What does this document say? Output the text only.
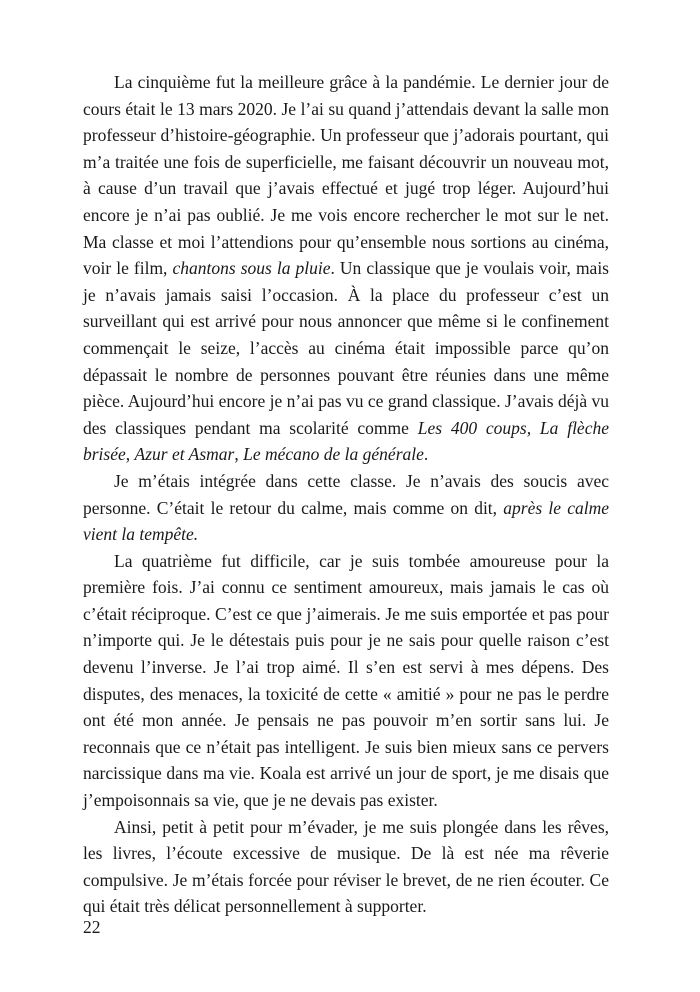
La cinquième fut la meilleure grâce à la pandémie. Le dernier jour de cours était le 13 mars 2020. Je l’ai su quand j’attendais devant la salle mon professeur d’histoire-géographie. Un professeur que j’adorais pourtant, qui m’a traitée une fois de superficielle, me faisant découvrir un nouveau mot, à cause d’un travail que j’avais effectué et jugé trop léger. Aujourd’hui encore je n’ai pas oublié. Je me vois encore rechercher le mot sur le net. Ma classe et moi l’attendions pour qu’ensemble nous sortions au cinéma, voir le film, chantons sous la pluie. Un classique que je voulais voir, mais je n’avais jamais saisi l’occasion. À la place du professeur c’est un surveillant qui est arrivé pour nous annoncer que même si le confinement commençait le seize, l’accès au cinéma était impossible parce qu’on dépassait le nombre de personnes pouvant être réunies dans une même pièce. Aujourd’hui encore je n’ai pas vu ce grand classique. J’avais déjà vu des classiques pendant ma scolarité comme Les 400 coups, La flèche brisée, Azur et Asmar, Le mécano de la générale.

Je m’étais intégrée dans cette classe. Je n’avais des soucis avec personne. C’était le retour du calme, mais comme on dit, après le calme vient la tempête.

La quatrième fut difficile, car je suis tombée amoureuse pour la première fois. J’ai connu ce sentiment amoureux, mais jamais le cas où c’était réciproque. C’est ce que j’aimerais. Je me suis emportée et pas pour n’importe qui. Je le détestais puis pour je ne sais pour quelle raison c’est devenu l’inverse. Je l’ai trop aimé. Il s’en est servi à mes dépens. Des disputes, des menaces, la toxicité de cette « amitié » pour ne pas le perdre ont été mon année. Je pensais ne pas pouvoir m’en sortir sans lui. Je reconnais que ce n’était pas intelligent. Je suis bien mieux sans ce pervers narcissique dans ma vie. Koala est arrivé un jour de sport, je me disais que j’empoisonnais sa vie, que je ne devais pas exister.

Ainsi, petit à petit pour m’évader, je me suis plongée dans les rêves, les livres, l’écoute excessive de musique. De là est née ma rêverie compulsive. Je m’étais forcée pour réviser le brevet, de ne rien écouter. Ce qui était très délicat personnellement à supporter.

22
